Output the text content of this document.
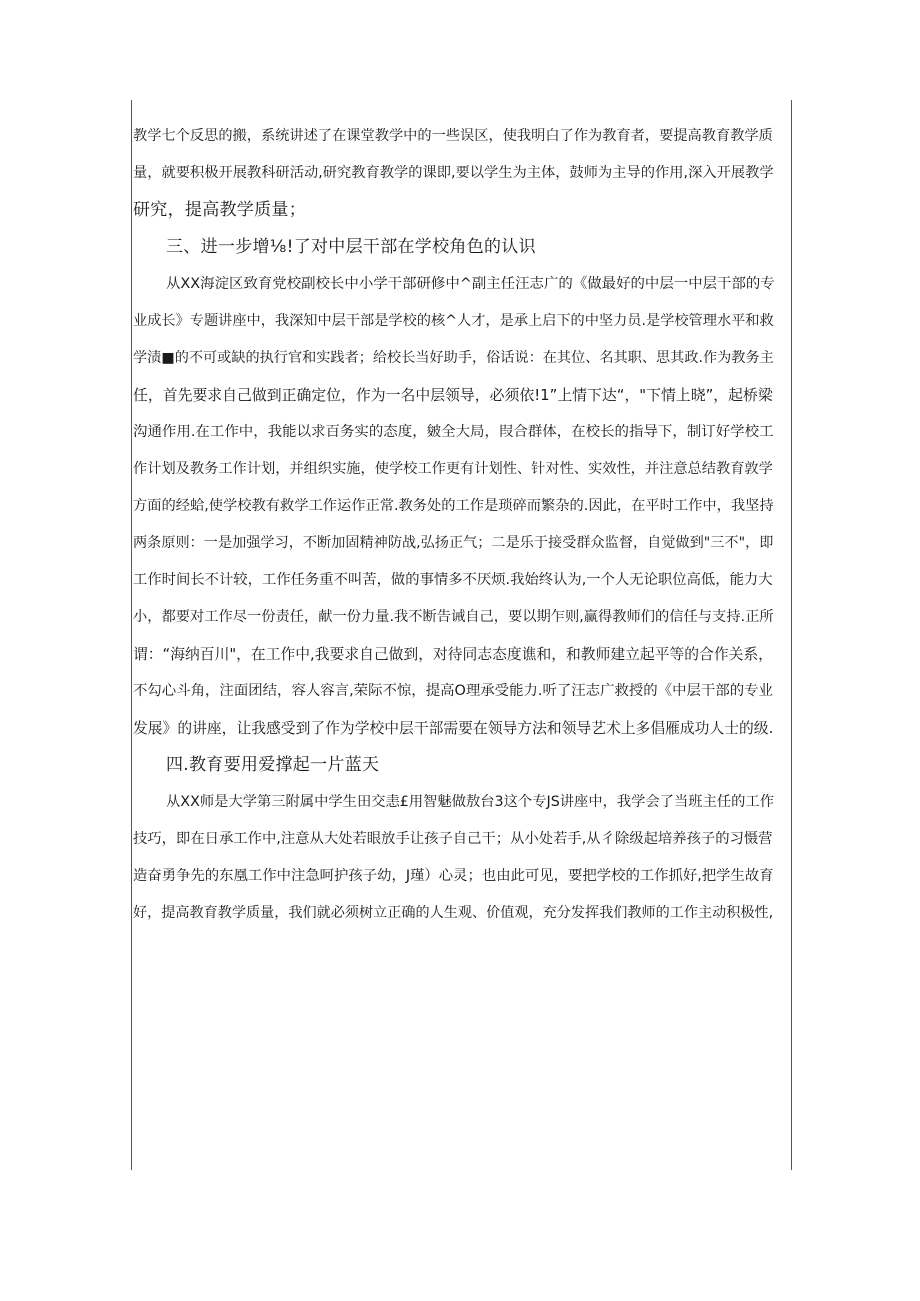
教学七个反思的搬，系统讲述了在课堂教学中的一些误区，使我明白了作为教育者，要提高教育教学质
量，就要积极开展教科研活动,研究教育教学的课即,要以学生为主体，鼓师为主导的作用,深入开展教学
研究，提高教学质量；
三、进一步增⅛!了对中层干部在学校角色的认识
从XX海淀区致育党校副校长中小学干部研修中^副主任汪志广的《做最好的中层一中层干部的专
业成长》专题讲座中，我深知中层干部是学校的核^人才，是承上启下的中坚力员.是学校管理水平和救
学渍■的不可或缺的执行官和实践者；给校长当好助手，俗话说：在其位、名其职、思其政.作为教务主
任，首先要求自己做到正确定位，作为一名中层领导，必须依!1”上情下达“，"下情上晓”，起桥梁
沟通作用.在工作中，我能以求百务实的态度，皴全大局，叚合群体，在校长的指导下，制订好学校工
作计划及教务工作计划，并组织实施，使学校工作更有计划性、针对性、实效性，并注意总结教育敦学
方面的经蛤,使学校教有救学工作运作正常.教务处的工作是琐碎而繁杂的.因此，在平时工作中，我坚持
两条原则：一是加强学习，不断加固精神防战,弘扬正气；二是乐于接受群众监督，自觉做到"三不"，即
工作时间长不计较，工作任务重不叫苦，做的事情多不厌烦.我始终认为,一个人无论职位高低，能力大
小，都要对工作尽一份责任，献一份力量.我不断告诫自己，要以期乍则,赢得教师们的信任与支持.正所
谓：“海纳百川"，在工作中,我要求自己做到，对待同志态度谯和，和教师建立起平等的合作关系，
不勾心斗角，注面团结，容人容言,荣际不惊，提高O理承受能力.听了汪志广救授的《中层干部的专业
发展》的讲座，让我感受到了作为学校中层干部需要在领导方法和领导艺术上多倡雁成功人士的级.
四.教育要用爱撑起一片蓝天
从XX师是大学第三附属中学生田交恚£用智魅做敖台3这个专JS讲座中，我学会了当班主任的工作
技巧，即在日承工作中,注意从大处若眼放手让孩子自己干；从小处若手,从彳除级起培养孩子的习慑营
造奋勇争先的东凰工作中注急呵护孩子幼，J瑾）心灵；也由此可见，要把学校的工作抓好,把学生故育
好，提高教育教学质量，我们就必须树立正确的人生观、价值观，充分发挥我们教师的工作主动积极性,
